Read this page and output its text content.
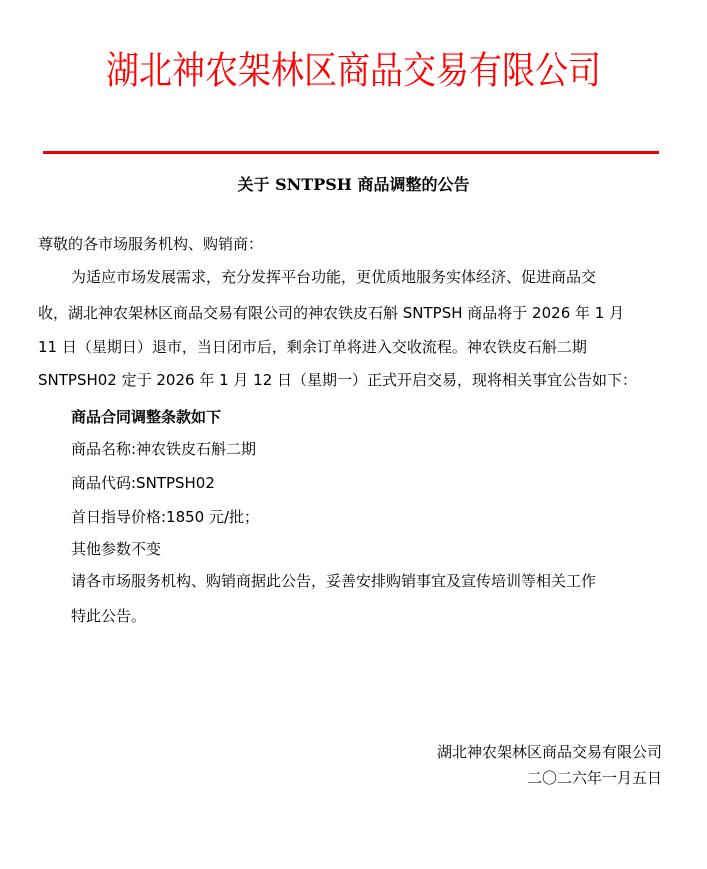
湖北神农架林区商品交易有限公司
关于 SNTPSH 商品调整的公告
尊敬的各市场服务机构、购销商：
为适应市场发展需求，充分发挥平台功能，更优质地服务实体经济、促进商品交
收，湖北神农架林区商品交易有限公司的神农铁皮石斛 SNTPSH 商品将于 2026 年 1 月
11 日（星期日）退市，当日闭市后，剩余订单将进入交收流程。神农铁皮石斛二期
SNTPSH02 定于 2026 年 1 月 12 日（星期一）正式开启交易，现将相关事宜公告如下：
商品合同调整条款如下
商品名称:神农铁皮石斛二期
商品代码:SNTPSH02
首日指导价格:1850 元/批；
其他参数不变
请各市场服务机构、购销商据此公告，妥善安排购销事宜及宣传培训等相关工作
特此公告。
湖北神农架林区商品交易有限公司
二〇二六年一月五日
